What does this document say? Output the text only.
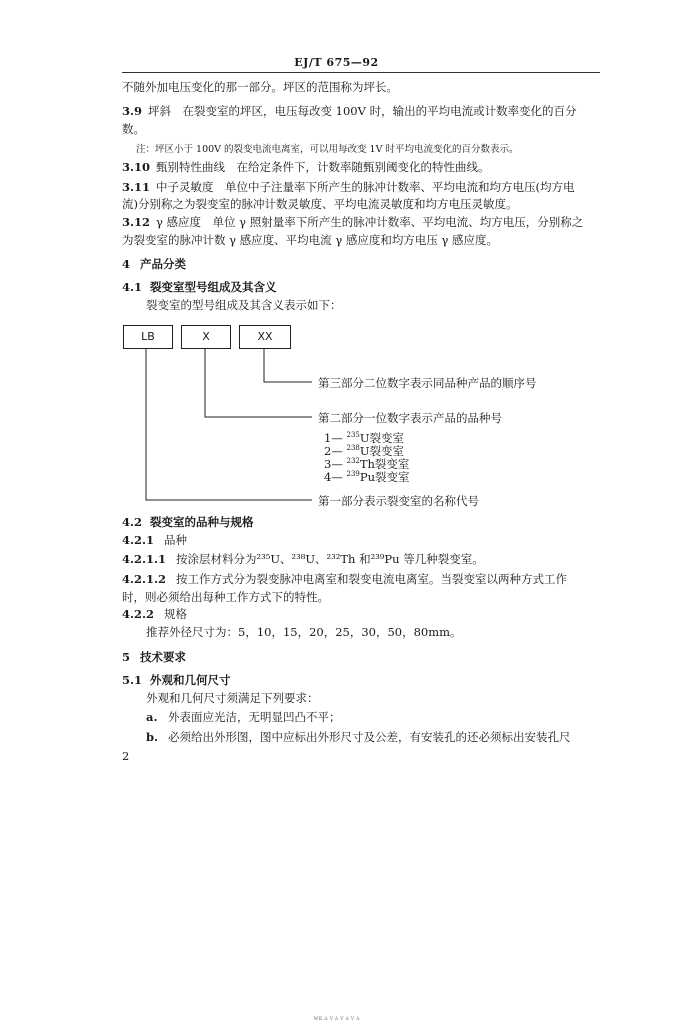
EJ/T 675—92
不随外加电压变化的那一部分。坪区的范围称为坪长。
3.9 坪斜　在裂变室的坪区，电压每改变 100V 时，输出的平均电流或计数率变化的百分
数。
注：坪区小于 100V 的裂变电流电离室，可以用每改变 1V 时平均电流变化的百分数表示。
3.10 甄别特性曲线　在给定条件下，计数率随甄别阈变化的特性曲线。
3.11 中子灵敏度　单位中子注量率下所产生的脉冲计数率、平均电流和均方电压(均方电
流)分别称之为裂变室的脉冲计数灵敏度、平均电流灵敏度和均方电压灵敏度。
3.12 γ 感应度　单位 γ 照射量率下所产生的脉冲计数率、平均电流、均方电压，分别称之
为裂变室的脉冲计数 γ 感应度、平均电流 γ 感应度和均方电压 γ 感应度。
4 产品分类
4.1 裂变室型号组成及其含义
裂变室的型号组成及其含义表示如下：
LB	X	XX
第三部分二位数字表示同品种产品的顺序号
第二部分一位数字表示产品的品种号
1— $^{235}$U裂变室
2— $^{238}$U裂变室
3— $^{232}$Th裂变室
4— $^{239}$Pu裂变室
第一部分表示裂变室的名称代号
4.2 裂变室的品种与规格
4.2.1 品种
4.2.1.1 按涂层材料分为²³⁵U、²³⁸U、²³²Th 和²³⁹Pu 等几种裂变室。
4.2.1.2 按工作方式分为裂变脉冲电离室和裂变电流电离室。当裂变室以两种方式工作
时，则必须给出每种工作方式下的特性。
4.2.2 规格
推荐外径尺寸为：5，10，15，20，25，30，50，80mm。
5 技术要求
5.1 外观和几何尺寸
外观和几何尺寸须满足下列要求：
a. 外表面应光洁，无明显凹凸不平；
b. 必须给出外形图，图中应标出外形尺寸及公差，有安装孔的还必须标出安装孔尺
2
ᴡᴋ ᴧ ᴠ ᴧ ᴠ ᴧ ᴠ ᴧ
